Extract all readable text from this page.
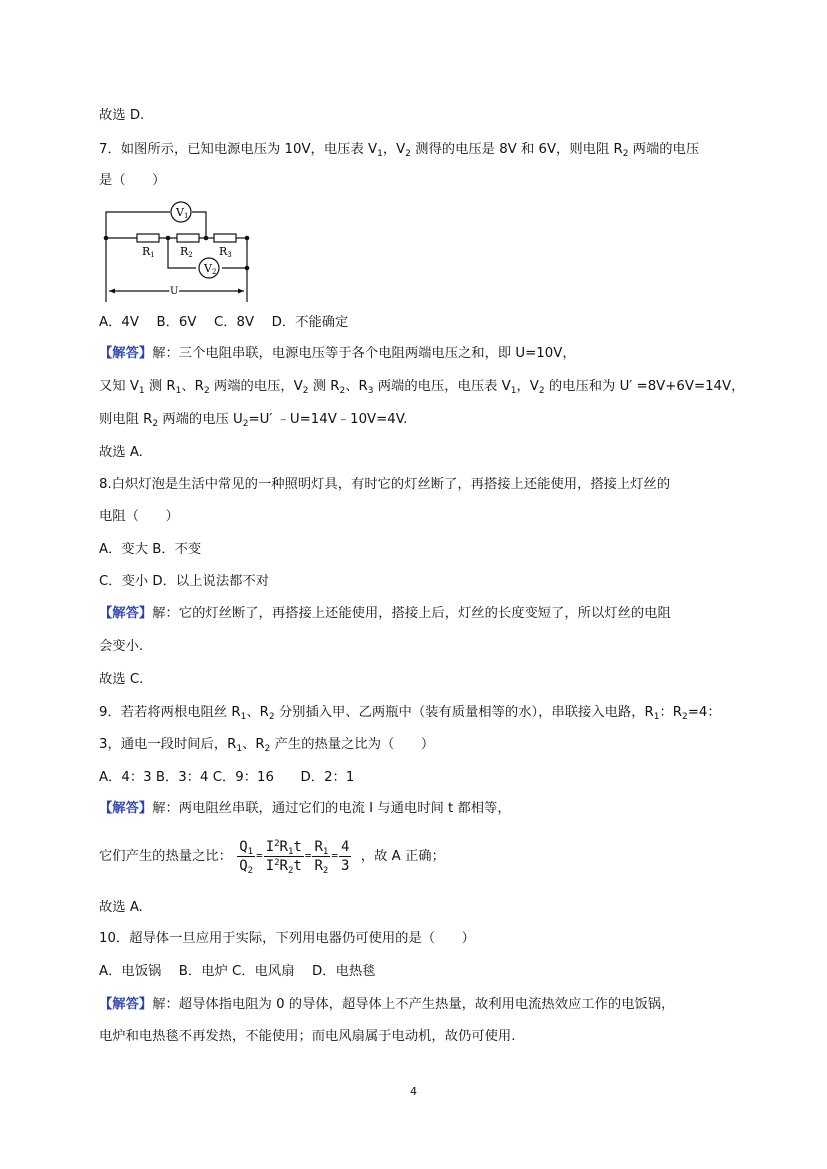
故选 D.
7．如图所示，已知电源电压为 10V，电压表 $V_1$，$V_2$ 测得的电压是 8V 和 6V，则电阻 $R_2$ 两端的电压
是（　　）
V1
V2
R1 R2 R3
U
A．4V　 B．6V　 C．8V　 D．不能确定
【解答】解：三个电阻串联，电源电压等于各个电阻两端电压之和，即 U=10V，
又知 $V_1$ 测 $R_1$、$R_2$ 两端的电压，$V_2$ 测 $R_2$、$R_3$ 两端的电压，电压表 $V_1$，$V_2$ 的电压和为 U′ =8V+6V=14V，
则电阻 $R_2$ 两端的电压 $U_2=U'$ ﹣U=14V﹣10V=4V.
故选 A.
8.白炽灯泡是生活中常见的一种照明灯具，有时它的灯丝断了，再搭接上还能使用，搭接上灯丝的
电阻（　　）
A．变大 B．不变
C．变小 D．以上说法都不对
【解答】解：它的灯丝断了，再搭接上还能使用，搭接上后，灯丝的长度变短了，所以灯丝的电阻
会变小.
故选 C.
9．若若将两根电阻丝 $R_1$、$R_2$ 分别插入甲、乙两瓶中（装有质量相等的水），串联接入电路，$R_1$：$R_2=4$：
3，通电一段时间后，$R_1$、$R_2$ 产生的热量之比为（　　）
A．4：3 B．3：4 C．9：16　　D．2：1
【解答】解：两电阻丝串联，通过它们的电流 I 与通电时间 t 都相等，
它们产生的热量之比： $\frac{Q_1}{Q_2} = \frac{I^2R_1t}{I^2R_2t} = \frac{R_1}{R_2} = \frac{4}{3}$ ，故 A 正确；
故选 A.
10．超导体一旦应用于实际，下列用电器仍可使用的是（　　）
A．电饭锅　 B．电炉 C．电风扇　 D．电热毯
【解答】解：超导体指电阻为 0 的导体，超导体上不产生热量，故利用电流热效应工作的电饭锅，
电炉和电热毯不再发热，不能使用；而电风扇属于电动机，故仍可使用.
4
